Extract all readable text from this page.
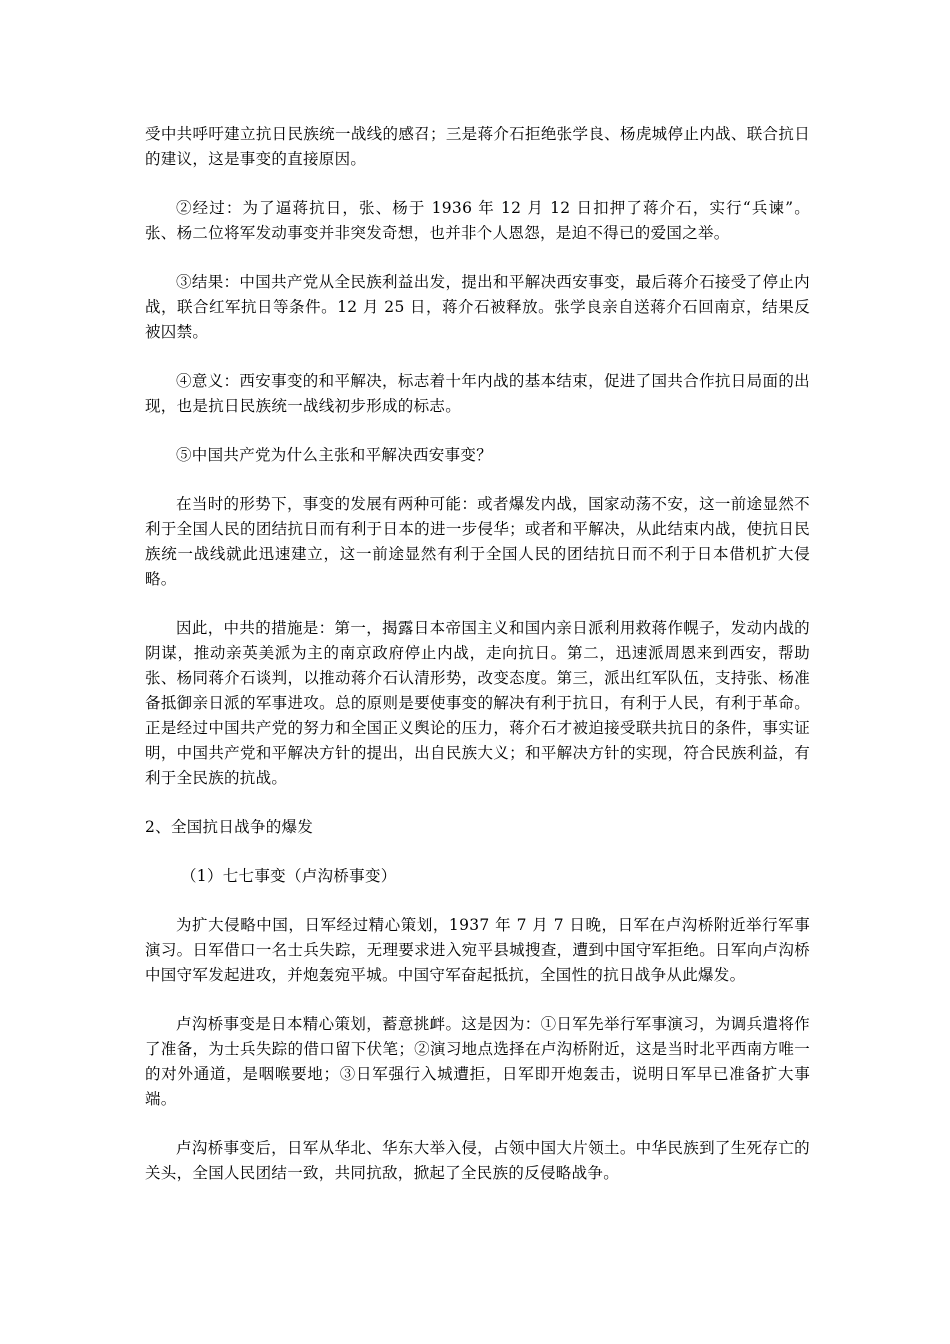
受中共呼吁建立抗日民族统一战线的感召；三是蒋介石拒绝张学良、杨虎城停止内战、联合抗日的建议，这是事变的直接原因。

②经过：为了逼蒋抗日，张、杨于 1936 年 12 月 12 日扣押了蒋介石，实行“兵谏”。张、杨二位将军发动事变并非突发奇想，也并非个人恩怨，是迫不得已的爱国之举。

③结果：中国共产党从全民族利益出发，提出和平解决西安事变，最后蒋介石接受了停止内战，联合红军抗日等条件。12 月 25 日，蒋介石被释放。张学良亲自送蒋介石回南京，结果反被囚禁。

④意义：西安事变的和平解决，标志着十年内战的基本结束，促进了国共合作抗日局面的出现，也是抗日民族统一战线初步形成的标志。

⑤中国共产党为什么主张和平解决西安事变？

在当时的形势下，事变的发展有两种可能：或者爆发内战，国家动荡不安，这一前途显然不利于全国人民的团结抗日而有利于日本的进一步侵华；或者和平解决，从此结束内战，使抗日民族统一战线就此迅速建立，这一前途显然有利于全国人民的团结抗日而不利于日本借机扩大侵略。

因此，中共的措施是：第一，揭露日本帝国主义和国内亲日派利用救蒋作幌子，发动内战的阴谋，推动亲英美派为主的南京政府停止内战，走向抗日。第二，迅速派周恩来到西安，帮助张、杨同蒋介石谈判，以推动蒋介石认清形势，改变态度。第三，派出红军队伍，支持张、杨准备抵御亲日派的军事进攻。总的原则是要使事变的解决有利于抗日，有利于人民，有利于革命。正是经过中国共产党的努力和全国正义舆论的压力，蒋介石才被迫接受联共抗日的条件，事实证明，中国共产党和平解决方针的提出，出自民族大义；和平解决方针的实现，符合民族利益，有利于全民族的抗战。

2、全国抗日战争的爆发

（1）七七事变（卢沟桥事变）

为扩大侵略中国，日军经过精心策划，1937 年 7 月 7 日晚，日军在卢沟桥附近举行军事演习。日军借口一名士兵失踪，无理要求进入宛平县城搜查，遭到中国守军拒绝。日军向卢沟桥中国守军发起进攻，并炮轰宛平城。中国守军奋起抵抗，全国性的抗日战争从此爆发。

卢沟桥事变是日本精心策划，蓄意挑衅。这是因为：①日军先举行军事演习，为调兵遣将作了准备，为士兵失踪的借口留下伏笔；②演习地点选择在卢沟桥附近，这是当时北平西南方唯一的对外通道，是咽喉要地；③日军强行入城遭拒，日军即开炮轰击，说明日军早已准备扩大事端。

卢沟桥事变后，日军从华北、华东大举入侵，占领中国大片领土。中华民族到了生死存亡的关头，全国人民团结一致，共同抗敌，掀起了全民族的反侵略战争。
